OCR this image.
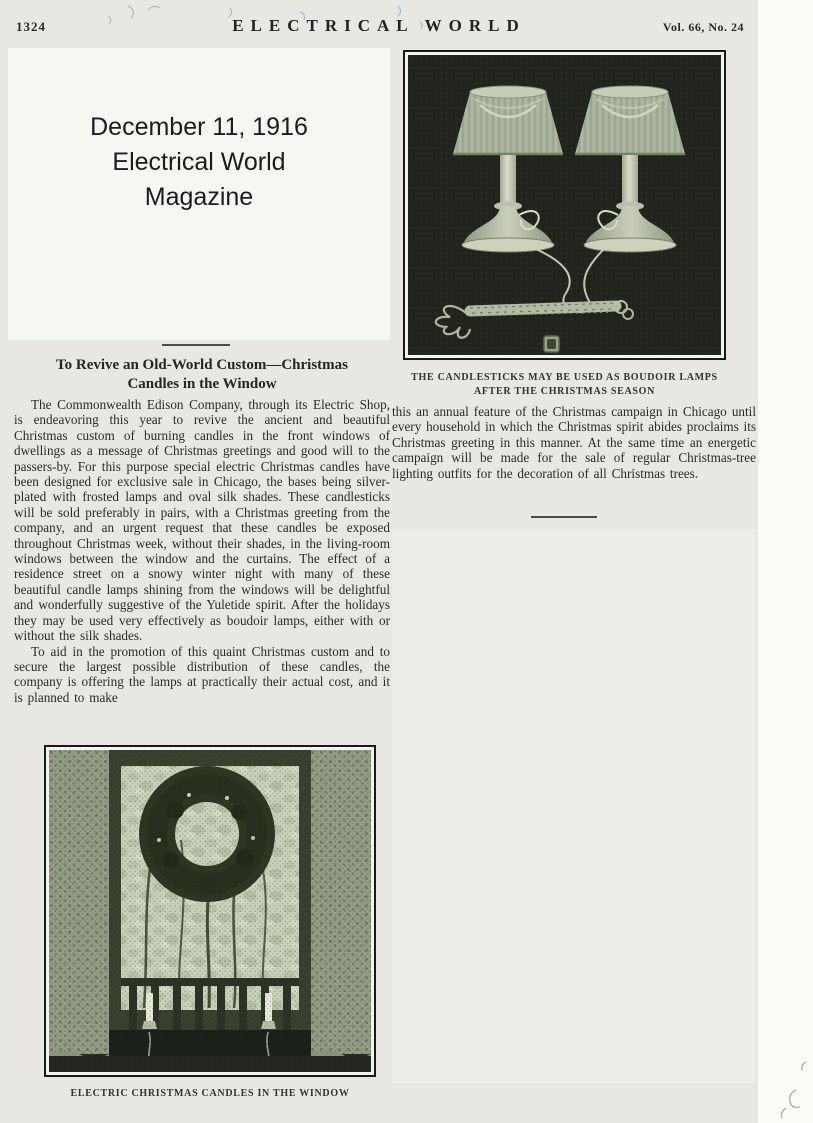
1324	ELECTRICAL WORLD	Vol. 66, No. 24
December 11, 1916
Electrical World
Magazine
To Revive an Old-World Custom—Christmas
Candles in the Window

The Commonwealth Edison Company, through its Electric Shop, is endeavoring this year to revive the ancient and beautiful Christmas custom of burning candles in the front windows of dwellings as a message of Christmas greetings and good will to the passers-by. For this purpose special electric Christmas candles have been designed for exclusive sale in Chicago, the bases being silver-plated with frosted lamps and oval silk shades. These candlesticks will be sold preferably in pairs, with a Christmas greeting from the company, and an urgent request that these candles be exposed throughout Christmas week, without their shades, in the living-room windows between the window and the curtains. The effect of a residence street on a snowy winter night with many of these beautiful candle lamps shining from the windows will be delightful and wonderfully suggestive of the Yuletide spirit. After the holidays they may be used very effectively as boudoir lamps, either with or without the silk shades.

To aid in the promotion of this quaint Christmas custom and to secure the largest possible distribution of these candles, the company is offering the lamps at practically their actual cost, and it is planned to make

THE CANDLESTICKS MAY BE USED AS BOUDOIR LAMPS
AFTER THE CHRISTMAS SEASON

this an annual feature of the Christmas campaign in Chicago until every household in which the Christmas spirit abides proclaims its Christmas greeting in this manner. At the same time an energetic campaign will be made for the sale of regular Christmas-tree lighting outfits for the decoration of all Christmas trees.

ELECTRIC CHRISTMAS CANDLES IN THE WINDOW
